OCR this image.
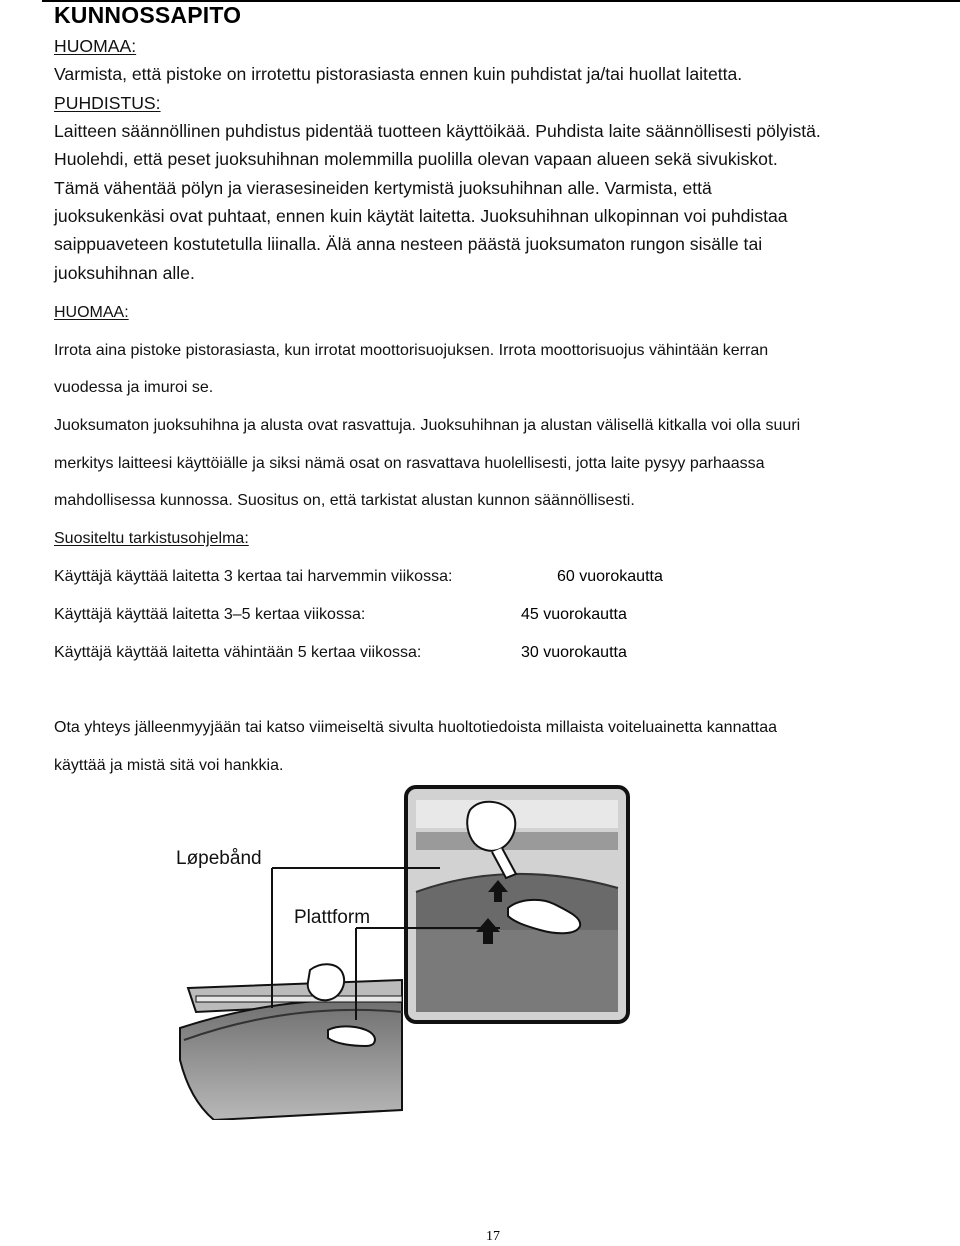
KUNNOSSAPITO
HUOMAA:
Varmista, että pistoke on irrotettu pistorasiasta ennen kuin puhdistat ja/tai huollat laitetta.
PUHDISTUS:
Laitteen säännöllinen puhdistus pidentää tuotteen käyttöikää. Puhdista laite säännöllisesti pölyistä.
Huolehdi, että peset juoksuhihnan molemmilla puolilla olevan vapaan alueen sekä sivukiskot.
Tämä vähentää pölyn ja vierasesineiden kertymistä juoksuhihnan alle. Varmista, että
juoksukenkäsi ovat puhtaat, ennen kuin käytät laitetta. Juoksuhihnan ulkopinnan voi puhdistaa
saippuaveteen kostutetulla liinalla. Älä anna nesteen päästä juoksumaton rungon sisälle tai
juoksuhihnan alle.
HUOMAA:
Irrota aina pistoke pistorasiasta, kun irrotat moottorisuojuksen. Irrota moottorisuojus vähintään kerran
vuodessa ja imuroi se.
Juoksumaton juoksuhihna ja alusta ovat rasvattuja. Juoksuhihnan ja alustan välisellä kitkalla voi olla suuri
merkitys laitteesi käyttöiälle ja siksi nämä osat on rasvattava huolellisesti, jotta laite pysyy parhaassa
mahdollisessa kunnossa. Suositus on, että tarkistat alustan kunnon säännöllisesti.
Suositeltu tarkistusohjelma:
Käyttäjä käyttää laitetta 3 kertaa tai harvemmin viikossa:	60 vuorokautta
Käyttäjä käyttää laitetta 3–5 kertaa viikossa:	45 vuorokautta
Käyttäjä käyttää laitetta vähintään 5 kertaa viikossa:	30 vuorokautta
Ota yhteys jälleenmyyjään tai katso viimeiseltä sivulta huoltotiedoista millaista voiteluainetta kannattaa
käyttää ja mistä sitä voi hankkia.
Løpebånd
Plattform
17
